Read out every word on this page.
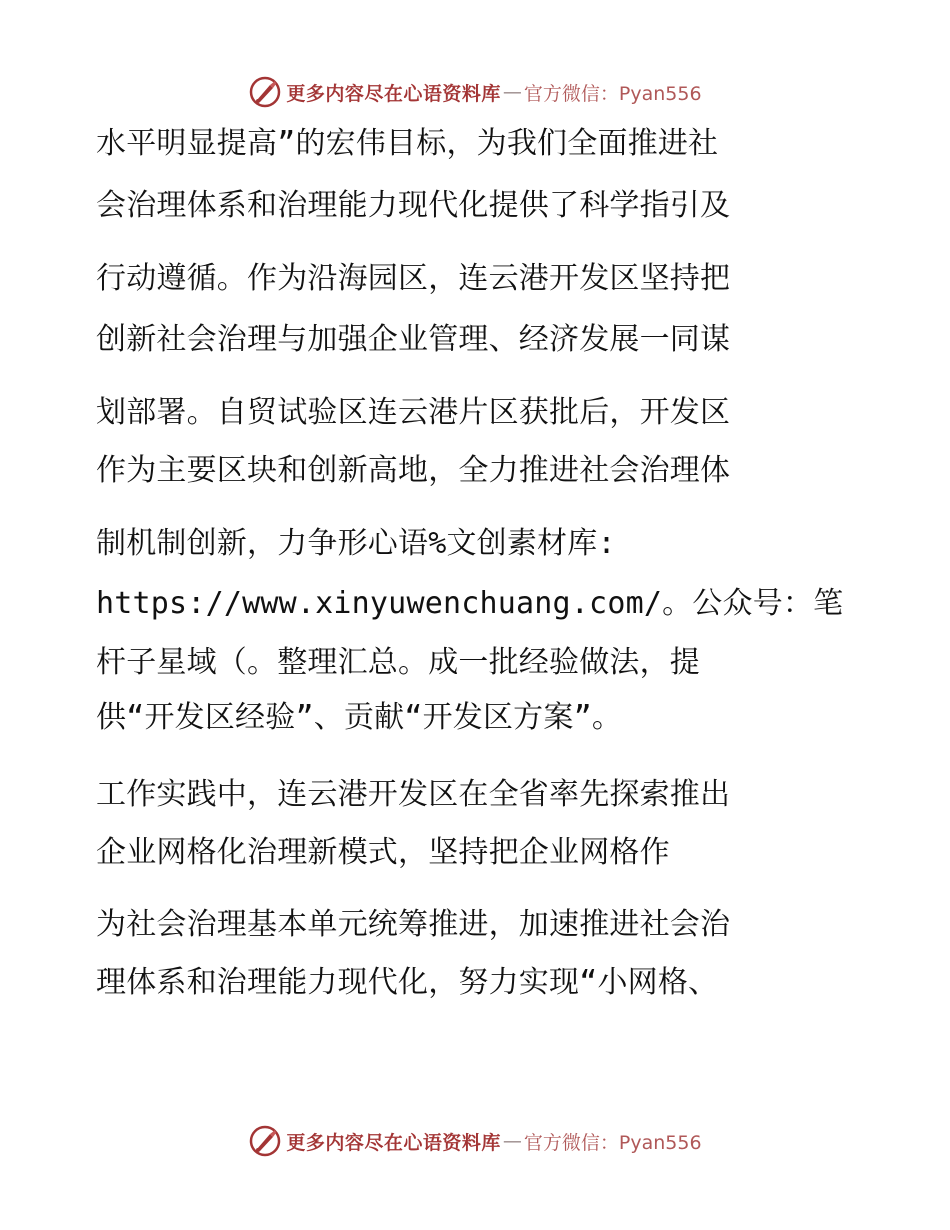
更多内容尽在心语资料库 — 官方微信：Pyan556
水平明显提高”的宏伟目标，为我们全面推进社
会治理体系和治理能力现代化提供了科学指引及
行动遵循。作为沿海园区，连云港开发区坚持把
创新社会治理与加强企业管理、经济发展一同谋
划部署。自贸试验区连云港片区获批后，开发区
作为主要区块和创新高地，全力推进社会治理体
制机制创新，力争形心语%文创素材库:
https://www.xinyuwenchuang.com/。公众号：笔
杆子星域（。整理汇总。成一批经验做法，提
供“开发区经验”、贡献“开发区方案”。
工作实践中，连云港开发区在全省率先探索推出
企业网格化治理新模式，坚持把企业网格作
为社会治理基本单元统筹推进，加速推进社会治
理体系和治理能力现代化，努力实现“小网格、
更多内容尽在心语资料库 — 官方微信：Pyan556
